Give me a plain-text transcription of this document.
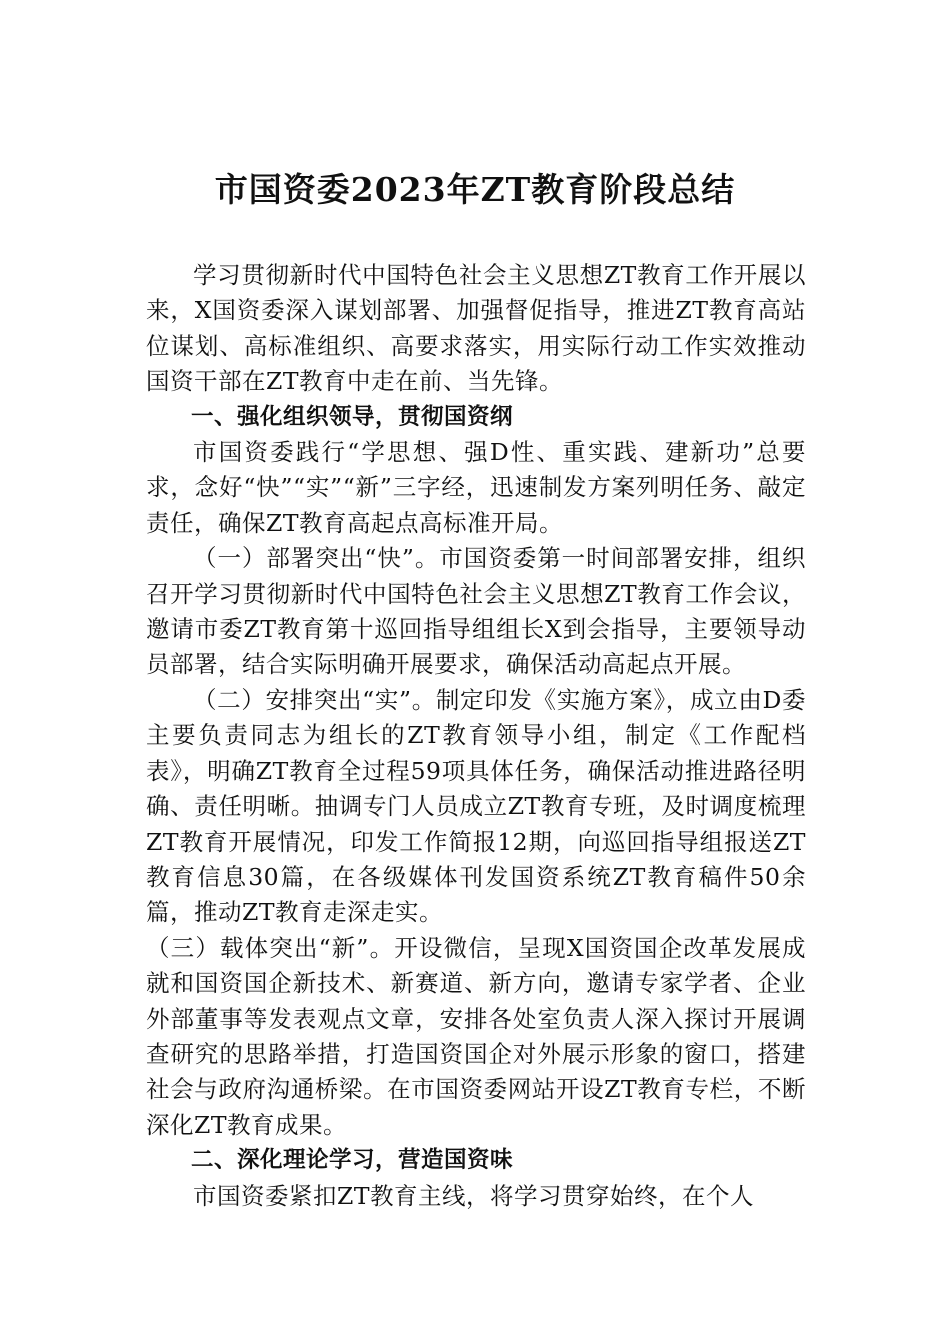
市国资委2023年ZT教育阶段总结

学习贯彻新时代中国特色社会主义思想ZT教育工作开展以来，X国资委深入谋划部署、加强督促指导，推进ZT教育高站位谋划、高标准组织、高要求落实，用实际行动工作实效推动国资干部在ZT教育中走在前、当先锋。

一、强化组织领导，贯彻国资纲

市国资委践行“学思想、强D性、重实践、建新功”总要求，念好“快”“实”“新”三字经，迅速制发方案列明任务、敲定责任，确保ZT教育高起点高标准开局。

（一）部署突出“快”。市国资委第一时间部署安排，组织召开学习贯彻新时代中国特色社会主义思想ZT教育工作会议，邀请市委ZT教育第十巡回指导组组长X到会指导，主要领导动员部署，结合实际明确开展要求，确保活动高起点开展。

（二）安排突出“实”。制定印发《实施方案》，成立由D委主要负责同志为组长的ZT教育领导小组，制定《工作配档表》，明确ZT教育全过程59项具体任务，确保活动推进路径明确、责任明晰。抽调专门人员成立ZT教育专班，及时调度梳理ZT教育开展情况，印发工作简报12期，向巡回指导组报送ZT教育信息30篇，在各级媒体刊发国资系统ZT教育稿件50余篇，推动ZT教育走深走实。

（三）载体突出“新”。开设微信，呈现X国资国企改革发展成就和国资国企新技术、新赛道、新方向，邀请专家学者、企业外部董事等发表观点文章，安排各处室负责人深入探讨开展调查研究的思路举措，打造国资国企对外展示形象的窗口，搭建社会与政府沟通桥梁。在市国资委网站开设ZT教育专栏，不断深化ZT教育成果。

二、深化理论学习，营造国资味

市国资委紧扣ZT教育主线，将学习贯穿始终，在个人
